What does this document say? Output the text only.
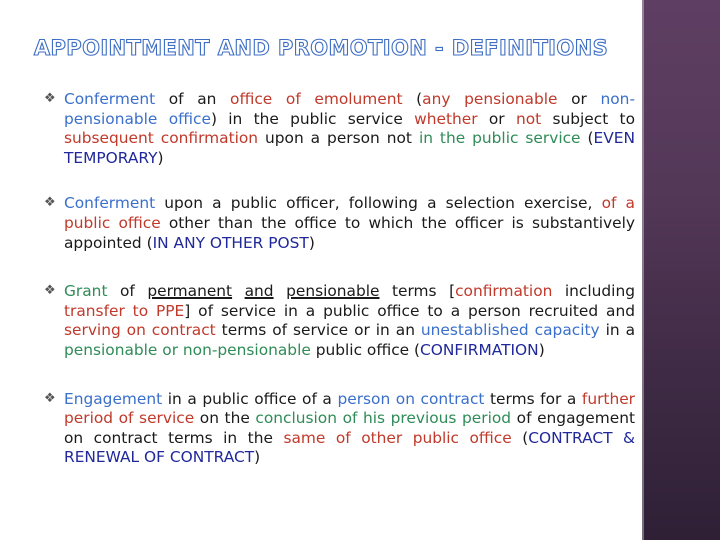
APPOINTMENT AND PROMOTION - DEFINITIONS
❖ Conferment of an office of emolument (any pensionable or non-pensionable office) in the public service whether or not subject to subsequent confirmation upon a person not in the public service (EVEN TEMPORARY)
❖ Conferment upon a public officer, following a selection exercise, of a public office other than the office to which the officer is substantively appointed (IN ANY OTHER POST)
❖ Grant of permanent and pensionable terms [confirmation including transfer to PPE] of service in a public office to a person recruited and serving on contract terms of service or in an unestablished capacity in a pensionable or non-pensionable public office (CONFIRMATION)
❖ Engagement in a public office of a person on contract terms for a further period of service on the conclusion of his previous period of engagement on contract terms in the same of other public office (CONTRACT & RENEWAL OF CONTRACT)
